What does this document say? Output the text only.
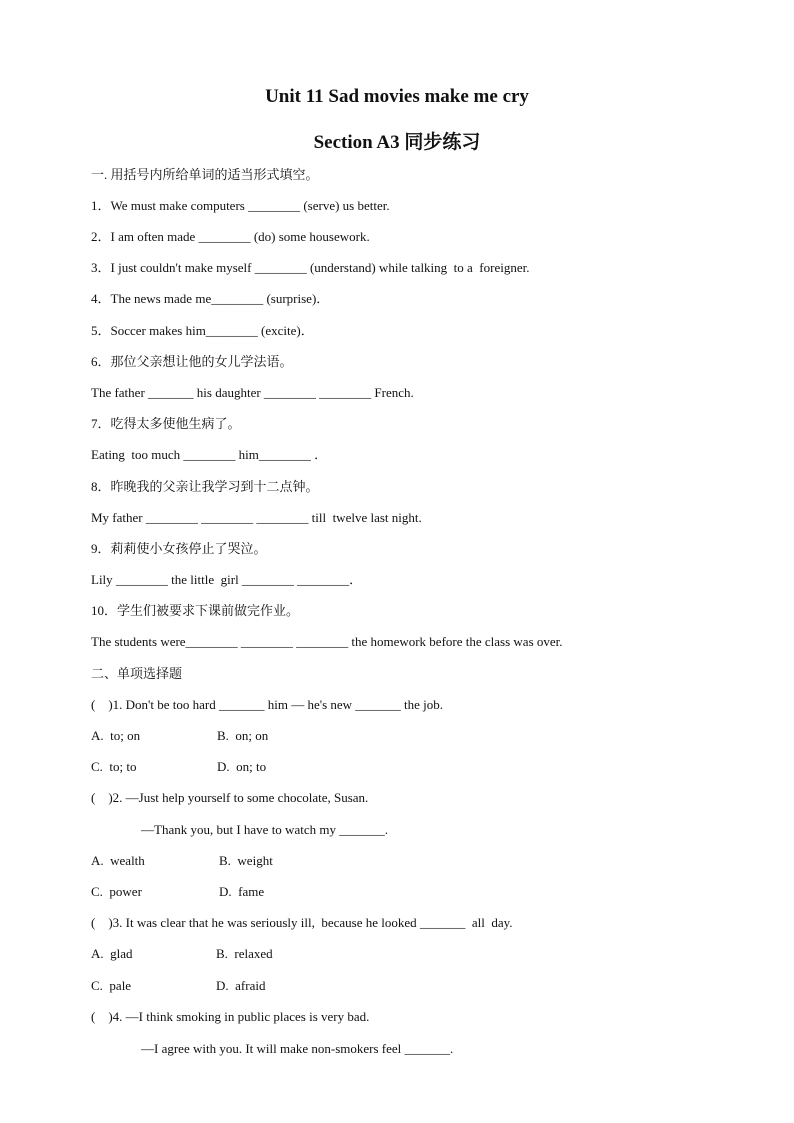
Unit 11 Sad movies make me cry
Section A3 同步练习
一. 用括号内所给单词的适当形式填空。
1．We must make computers ________ (serve) us better.
2．I am often made ________ (do) some housework.
3．I just couldn't make myself ________ (understand) while talking  to a  foreigner.
4．The news made me________ (surprise)．
5．Soccer makes him________ (excite)．
6．那位父亲想让他的女儿学法语。
The father _______ his daughter ________ ________ French.
7．吃得太多使他生病了。
Eating  too much ________ him________ ．
8．昨晚我的父亲让我学习到十二点钟。
My father ________ ________ ________ till  twelve last night.
9．莉莉使小女孩停止了哭泣。
Lily ________ the little  girl ________ ________．
10．学生们被要求下课前做完作业。
The students were________ ________ ________ the homework before the class was over.
二、单项选择题
(    )1. Don't be too hard _______ him — he's new _______ the job.
A.  to; on	B.  on; on
C.  to; to	D.  on; to
(    )2. —Just help yourself to some chocolate, Susan.
—Thank you, but I have to watch my _______.
A.  wealth	B.  weight
C.  power	D.  fame
(    )3. It was clear that he was seriously ill,  because he looked _______  all  day.
A.  glad	B.  relaxed
C.  pale	D.  afraid
(    )4. —I think smoking in public places is very bad.
—I agree with you. It will make non-smokers feel _______.
